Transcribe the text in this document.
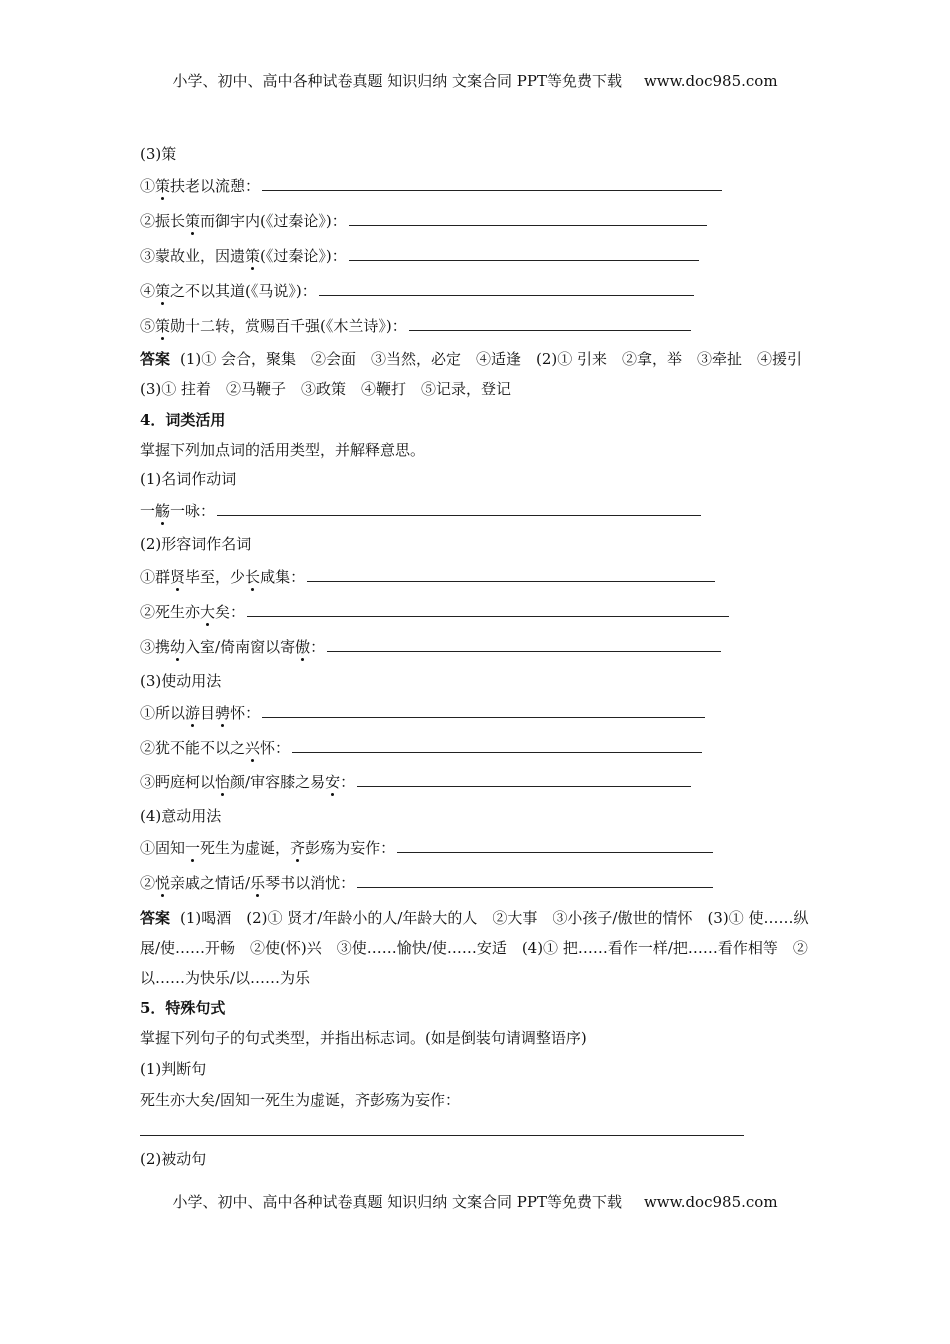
小学、初中、高中各种试卷真题 知识归纳 文案合同 PPT等免费下载 www.doc985.com
(3)策
①策扶老以流憩：
②振长策而御宇内(《过秦论》)：
③蒙故业，因遗策(《过秦论》)：
④策之不以其道(《马说》)：
⑤策勋十二转，赏赐百千强(《木兰诗》)：
答案 (1)① 会合，聚集　②会面　③当然，必定　④适逢　(2)① 引来　②拿，举　③牵扯　④援引　(3)① 拄着　②马鞭子　③政策　④鞭打　⑤记录，登记
4．词类活用
掌握下列加点词的活用类型，并解释意思。
(1)名词作动词
一觞一咏：
(2)形容词作名词
①群贤毕至，少长咸集：
②死生亦大矣：
③携幼入室/倚南窗以寄傲：
(3)使动用法
①所以游目骋怀：
②犹不能不以之兴怀：
③眄庭柯以怡颜/审容膝之易安：
(4)意动用法
①固知一死生为虚诞，齐彭殇为妄作：
②悦亲戚之情话/乐琴书以消忧：
答案 (1)喝酒　(2)① 贤才/年龄小的人/年龄大的人　②大事　③小孩子/傲世的情怀　(3)① 使……纵展/使……开畅　②使(怀)兴　③使……愉快/使……安适　(4)① 把……看作一样/把……看作相等　②以……为快乐/以……为乐
5．特殊句式
掌握下列句子的句式类型，并指出标志词。(如是倒装句请调整语序)
(1)判断句
死生亦大矣/固知一死生为虚诞，齐彭殇为妄作：
(2)被动句
小学、初中、高中各种试卷真题 知识归纳 文案合同 PPT等免费下载 www.doc985.com
